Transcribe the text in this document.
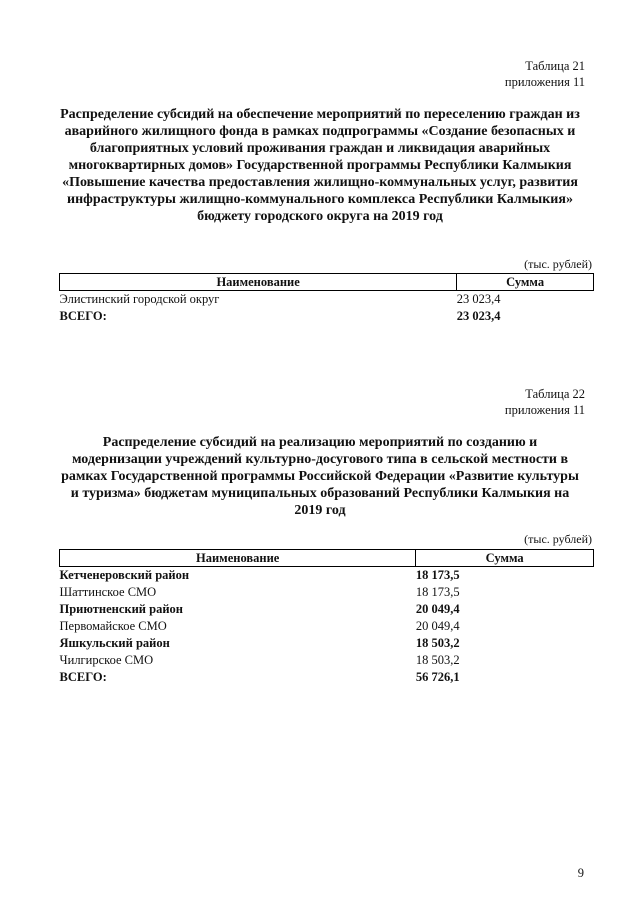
Таблица 21
приложения 11
Распределение субсидий на обеспечение мероприятий по переселению граждан из аварийного жилищного фонда в рамках подпрограммы «Создание безопасных и благоприятных условий проживания граждан и ликвидация аварийных многоквартирных домов» Государственной программы Республики Калмыкия «Повышение качества предоставления жилищно-коммунальных услуг, развития инфраструктуры жилищно-коммунального комплекса Республики Калмыкия» бюджету городского округа на 2019 год
(тыс. рублей)
Наименование	Сумма
Элистинский городской округ	23 023,4
ВСЕГО:	23 023,4
Таблица 22
приложения 11
Распределение субсидий на реализацию мероприятий по созданию и модернизации учреждений культурно-досугового типа в сельской местности в рамках Государственной программы Российской Федерации «Развитие культуры и туризма» бюджетам муниципальных образований Республики Калмыкия на 2019 год
(тыс. рублей)
Наименование	Сумма
Кетченеровский район	18 173,5
Шаттинское СМО	18 173,5
Приютненский район	20 049,4
Первомайское СМО	20 049,4
Яшкульский район	18 503,2
Чилгирское СМО	18 503,2
ВСЕГО:	56 726,1
9
